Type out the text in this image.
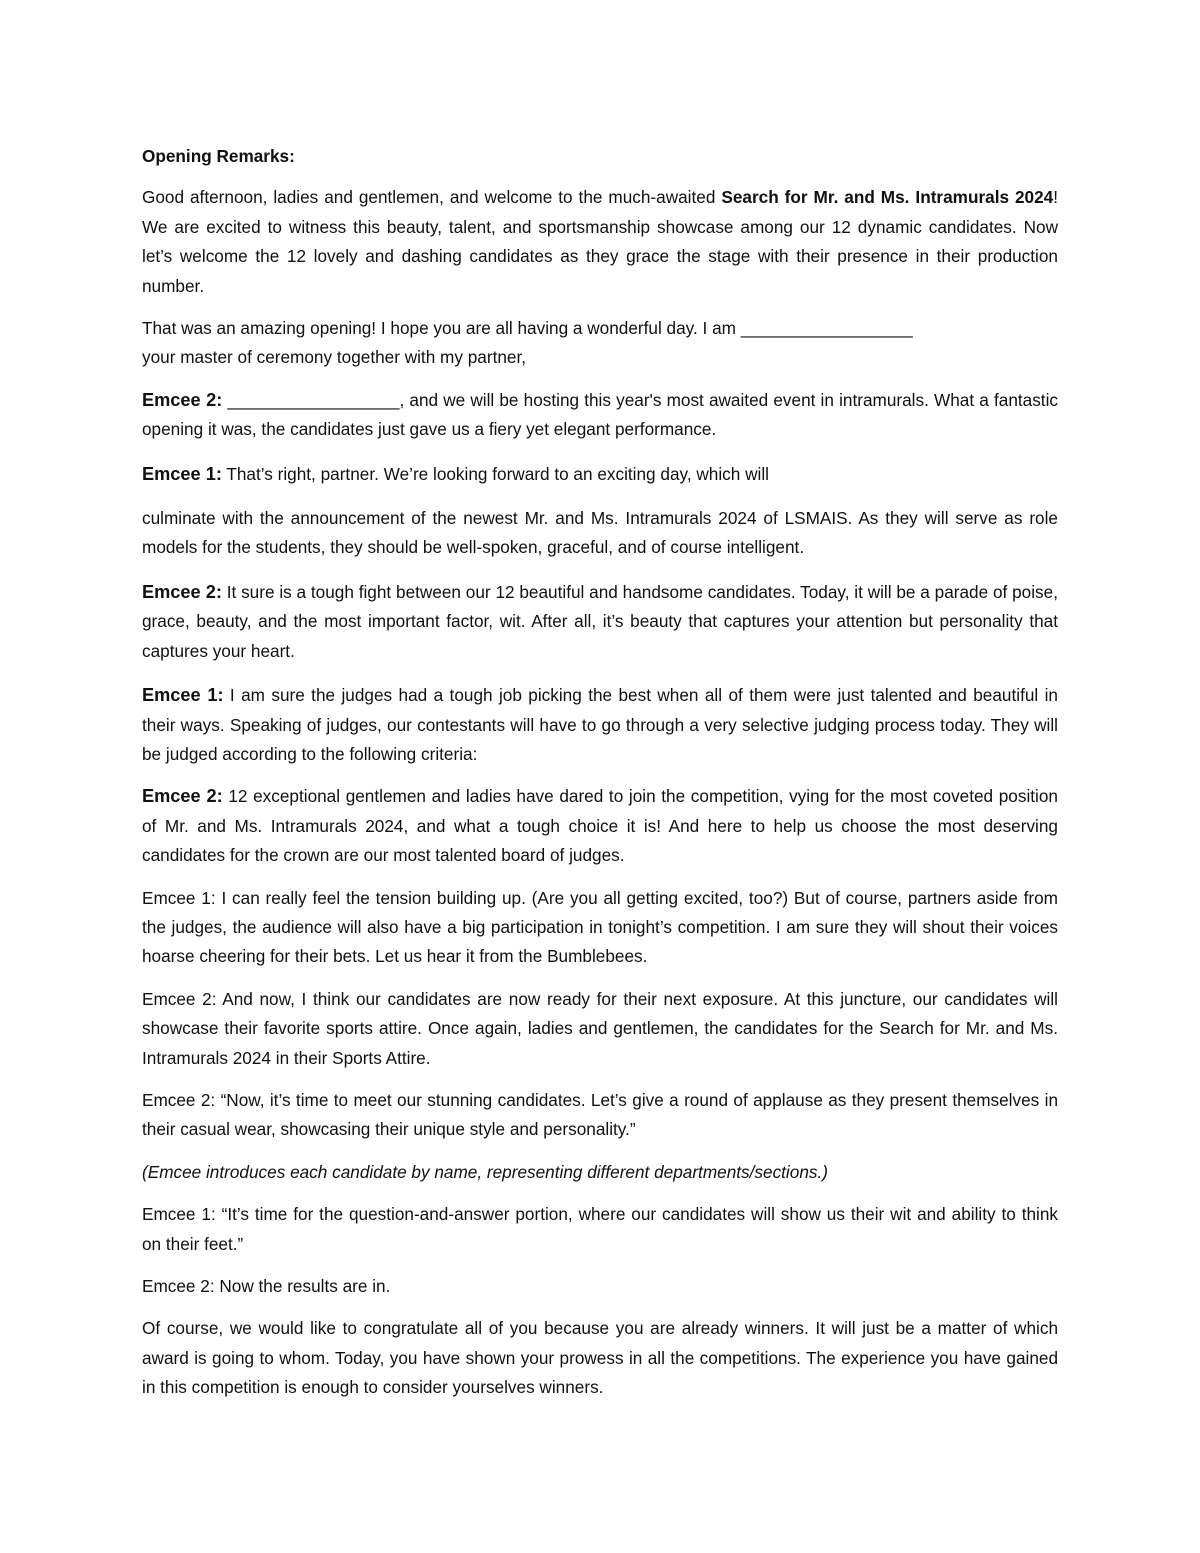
Opening Remarks:

Good afternoon, ladies and gentlemen, and welcome to the much-awaited Search for Mr. and Ms. Intramurals 2024! We are excited to witness this beauty, talent, and sportsmanship showcase among our 12 dynamic candidates. Now let’s welcome the 12 lovely and dashing candidates as they grace the stage with their presence in their production number.

That was an amazing opening! I hope you are all having a wonderful day. I am __________________
your master of ceremony together with my partner,

Emcee 2: __________________, and we will be hosting this year's most awaited event in intramurals. What a fantastic opening it was, the candidates just gave us a fiery yet elegant performance.

Emcee 1: That’s right, partner. We’re looking forward to an exciting day, which will

culminate with the announcement of the newest Mr. and Ms. Intramurals 2024 of LSMAIS. As they will serve as role models for the students, they should be well-spoken, graceful, and of course intelligent.

Emcee 2: It sure is a tough fight between our 12 beautiful and handsome candidates. Today, it will be a parade of poise, grace, beauty, and the most important factor, wit. After all, it’s beauty that captures your attention but personality that captures your heart.

Emcee 1: I am sure the judges had a tough job picking the best when all of them were just talented and beautiful in their ways. Speaking of judges, our contestants will have to go through a very selective judging process today. They will be judged according to the following criteria:

Emcee 2: 12 exceptional gentlemen and ladies have dared to join the competition, vying for the most coveted position of Mr. and Ms. Intramurals 2024, and what a tough choice it is! And here to help us choose the most deserving candidates for the crown are our most talented board of judges.

Emcee 1: I can really feel the tension building up. (Are you all getting excited, too?) But of course, partners aside from the judges, the audience will also have a big participation in tonight’s competition. I am sure they will shout their voices hoarse cheering for their bets. Let us hear it from the Bumblebees.

Emcee 2: And now, I think our candidates are now ready for their next exposure. At this juncture, our candidates will showcase their favorite sports attire. Once again, ladies and gentlemen, the candidates for the Search for Mr. and Ms. Intramurals 2024 in their Sports Attire.

Emcee 2: “Now, it’s time to meet our stunning candidates. Let’s give a round of applause as they present themselves in their casual wear, showcasing their unique style and personality.”

(Emcee introduces each candidate by name, representing different departments/sections.)

Emcee 1: “It’s time for the question-and-answer portion, where our candidates will show us their wit and ability to think on their feet.”

Emcee 2: Now the results are in.

Of course, we would like to congratulate all of you because you are already winners. It will just be a matter of which award is going to whom. Today, you have shown your prowess in all the competitions. The experience you have gained in this competition is enough to consider yourselves winners.
